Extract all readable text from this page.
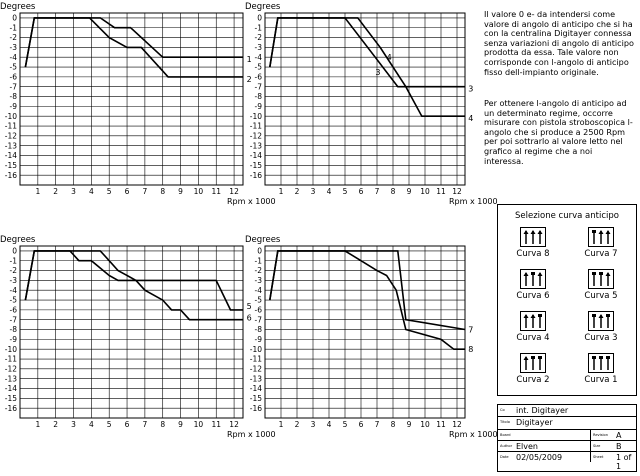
1 2 3 4 5 6 7 8 9 10 11 12
0
-1
-2
-3
-4
-5
-6
-7
-8
-9
-10
-11
-12
-13
-14
-15
-16
Degrees
Rpm x 1000
1
2
1 2 3 4 5 6 7 8 9 10 11 12
0
-1
-2
-3
-4
-5
-6
-7
-8
-9
-10
-11
-12
-13
-14
-15
-16
Degrees
Rpm x 1000
3
4
3
4
1 2 3 4 5 6 7 8 9 10 11 12
0
-1
-2
-3
-4
-5
-6
-7
-8
-9
-10
-11
-12
-13
-14
-15
-16
Degrees
Rpm x 1000
5
6
1 2 3 4 5 6 7 8 9 10 11 12
0
-1
-2
-3
-4
-5
-6
-7
-8
-9
-10
-11
-12
-13
-14
-15
-16
Degrees
Rpm x 1000
7
8

Il valore 0 e- da intendersi come valore di angolo di anticipo che si ha con la centralina Digitayer connessa senza variazioni di angolo di anticipo prodotta da essa. Tale valore non corrisponde con l-angolo di anticipo fisso dell-impianto originale.

Per ottenere l-angolo di anticipo ad un determinato regime, occorre misurare con pistola stroboscopica l-angolo che si produce a 2500 Rpm per poi sottrarlo al valore letto nel grafico al regime che a noi interessa.

Selezione curva anticipo
Curva 8	Curva 7
Curva 6	Curva 5
Curva 4	Curva 3
Curva 2	Curva 1
Co int. Digitayer
Titolo Digitayer
Board	Revision A
Author Elven	Size B
Date 02/05/2009	Sheet 1 of 1
